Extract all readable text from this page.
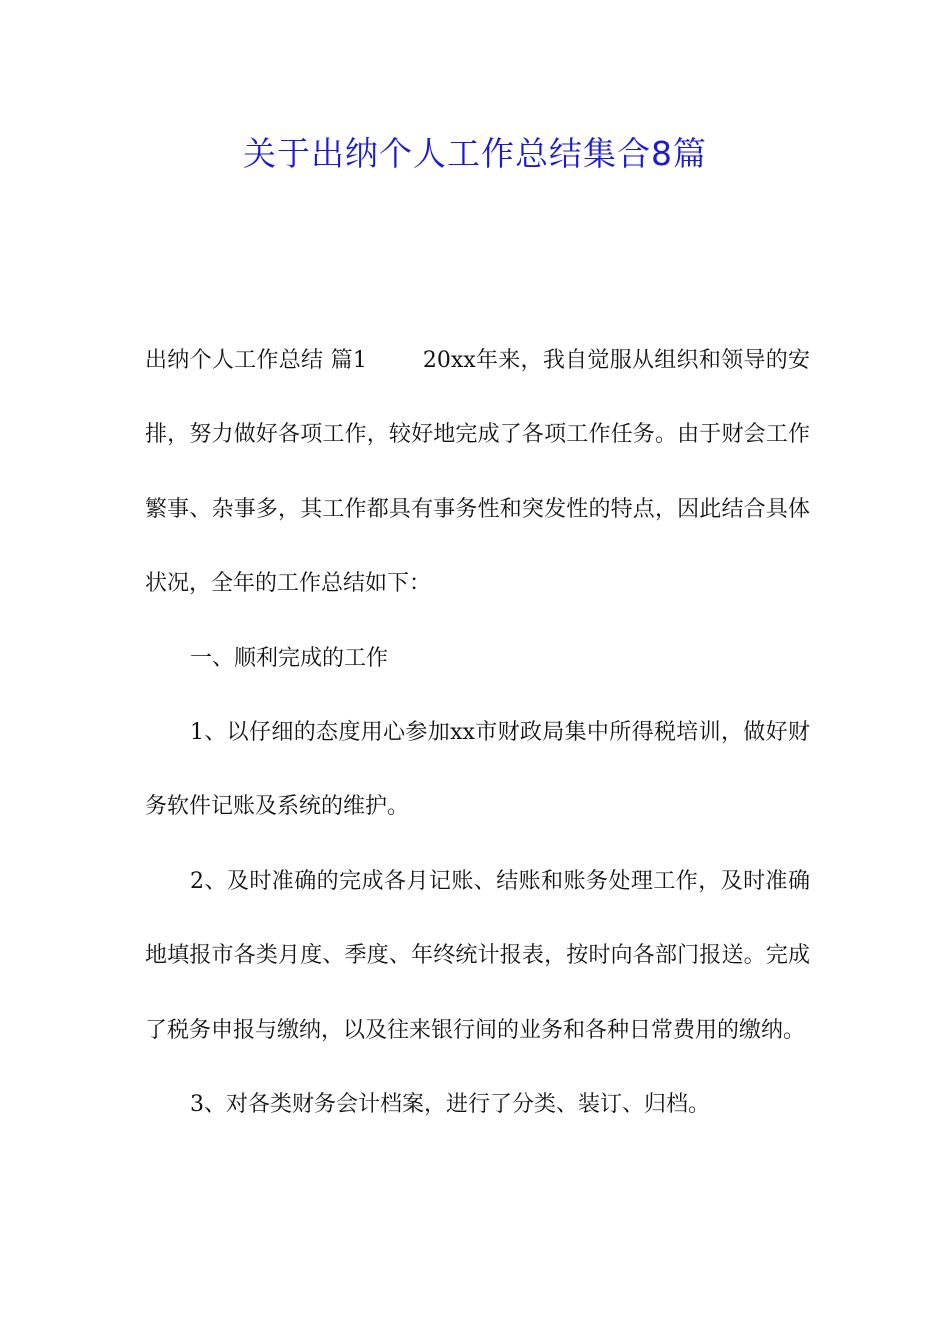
关于出纳个人工作总结集合8篇

出纳个人工作总结 篇1	20xx年来，我自觉服从组织和领导的安排，努力做好各项工作，较好地完成了各项工作任务。由于财会工作繁事、杂事多，其工作都具有事务性和突发性的特点，因此结合具体状况，全年的工作总结如下：

一、顺利完成的工作

1、以仔细的态度用心参加xx市财政局集中所得税培训，做好财务软件记账及系统的维护。

2、及时准确的完成各月记账、结账和账务处理工作，及时准确地填报市各类月度、季度、年终统计报表，按时向各部门报送。完成了税务申报与缴纳，以及往来银行间的业务和各种日常费用的缴纳。

3、对各类财务会计档案，进行了分类、装订、归档。
